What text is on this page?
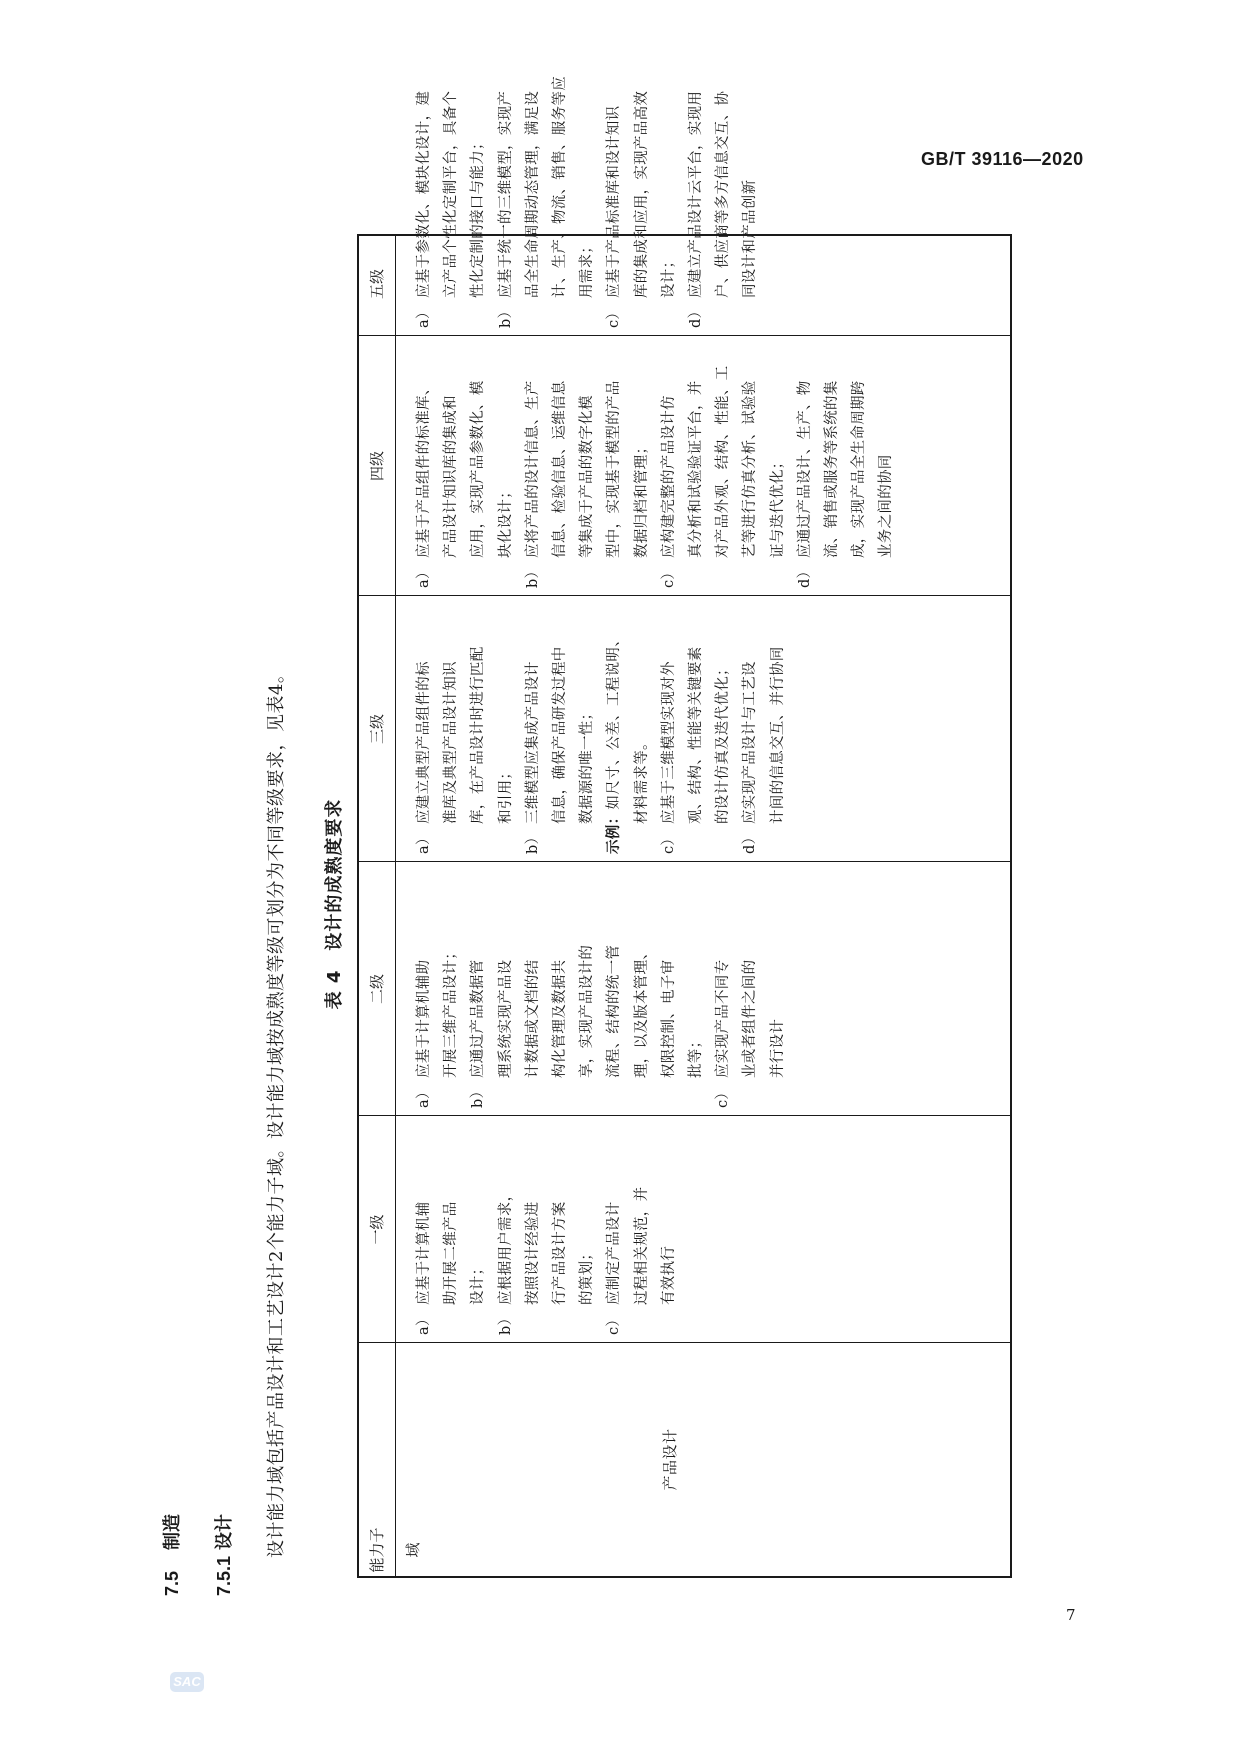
GB/T 39116—2020
7
SAC
7.5制造
7.5.1设计 设计能力域包括产品设计和工艺设计2个能力子域。设计能力域按成熟度等级可划分为不同等级要求，见表4。 表 4　设计的成熟度要求
能力子域
一级
二级
三级
四级
五级
产品设计
a）
应基于计算机辅 助开展二维产品 设计；
b）
应根据用户需求， 按照设计经验进 行产品设计方案 的策划；
c）
应制定产品设计 过程相关规范，并 有效执行
a）
应基于计算机辅助 开展三维产品设计；
b）
应通过产品数据管 理系统实现产品设 计数据或文档的结 构化管理及数据共 享，实现产品设计的 流程、结构的统一管 理，以及版本管理、 权限控制、电子审 批等；
c）
应实现产品不同专 业或者组件之间的 并行设计
a）
应建立典型产品组件的标 准库及典型产品设计知识 库，在产品设计时进行匹配 和引用；
b）
三维模型应集成产品设计 信息，确保产品研发过程中 数据源的唯一性；
示例：如尺寸、公差、工程说明、 材料需求等。
c）
应基于三维模型实现对外 观、结构、性能等关键要素 的设计仿真及迭代优化；
d）
应实现产品设计与工艺设 计间的信息交互、并行协同
a）
应基于产品组件的标准库、 产品设计知识库的集成和 应用，实现产品参数化、模 块化设计；
b）
应将产品的设计信息、生产 信息、检验信息、运维信息 等集成于产品的数字化模 型中，实现基于模型的产品 数据归档和管理；
c）
应构建完整的产品设计仿 真分析和试验验证平台，并 对产品外观、结构、性能、工 艺等进行仿真分析、试验验 证与迭代优化；
d）
应通过产品设计、生产、物 流、销售或服务等系统的集 成，实现产品全生命周期跨 业务之间的协同
a）
应基于参数化、模块化设计，建 立产品个性化定制平台，具备个 性化定制的接口与能力；
b）
应基于统一的三维模型，实现产 品全生命周期动态管理，满足设 计、生产、物流、销售、服务等应 用需求；
c）
应基于产品标准库和设计知识 库的集成和应用，实现产品高效 设计；
d）
应建立产品设计云平台，实现用 户、供应商等多方信息交互、协 同设计和产品创新
